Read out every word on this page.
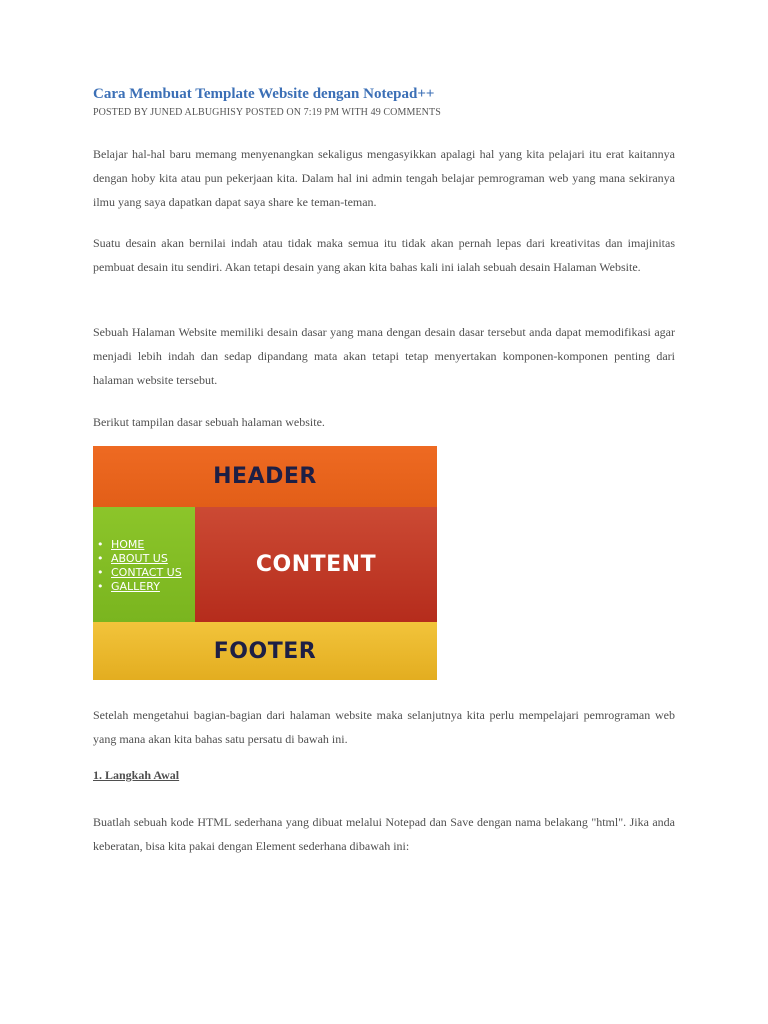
Cara Membuat Template Website dengan Notepad++

POSTED BY JUNED ALBUGHISY POSTED ON 7:19 PM WITH 49 COMMENTS

Belajar hal-hal baru memang menyenangkan sekaligus mengasyikkan apalagi hal yang kita pelajari itu erat kaitannya dengan hoby kita atau pun pekerjaan kita. Dalam hal ini admin tengah belajar pemrograman web yang mana sekiranya ilmu yang saya dapatkan dapat saya share ke teman-teman.

Suatu desain akan bernilai indah atau tidak maka semua itu tidak akan pernah lepas dari kreativitas dan imajinitas pembuat desain itu sendiri. Akan tetapi desain yang akan kita bahas kali ini ialah sebuah desain Halaman Website.

Sebuah Halaman Website memiliki desain dasar yang mana dengan desain dasar tersebut anda dapat memodifikasi agar menjadi lebih indah dan sedap dipandang mata akan tetapi tetap menyertakan komponen-komponen penting dari halaman website tersebut.

Berikut tampilan dasar sebuah halaman website.

HEADER
• HOME
• ABOUT US
• CONTACT US
• GALLERY
CONTENT
FOOTER

Setelah mengetahui bagian-bagian dari halaman website maka selanjutnya kita perlu mempelajari pemrograman web yang mana akan kita bahas satu persatu di bawah ini.

1. Langkah Awal

Buatlah sebuah kode HTML sederhana yang dibuat melalui Notepad dan Save dengan nama belakang "html". Jika anda keberatan, bisa kita pakai dengan Element sederhana dibawah ini:
